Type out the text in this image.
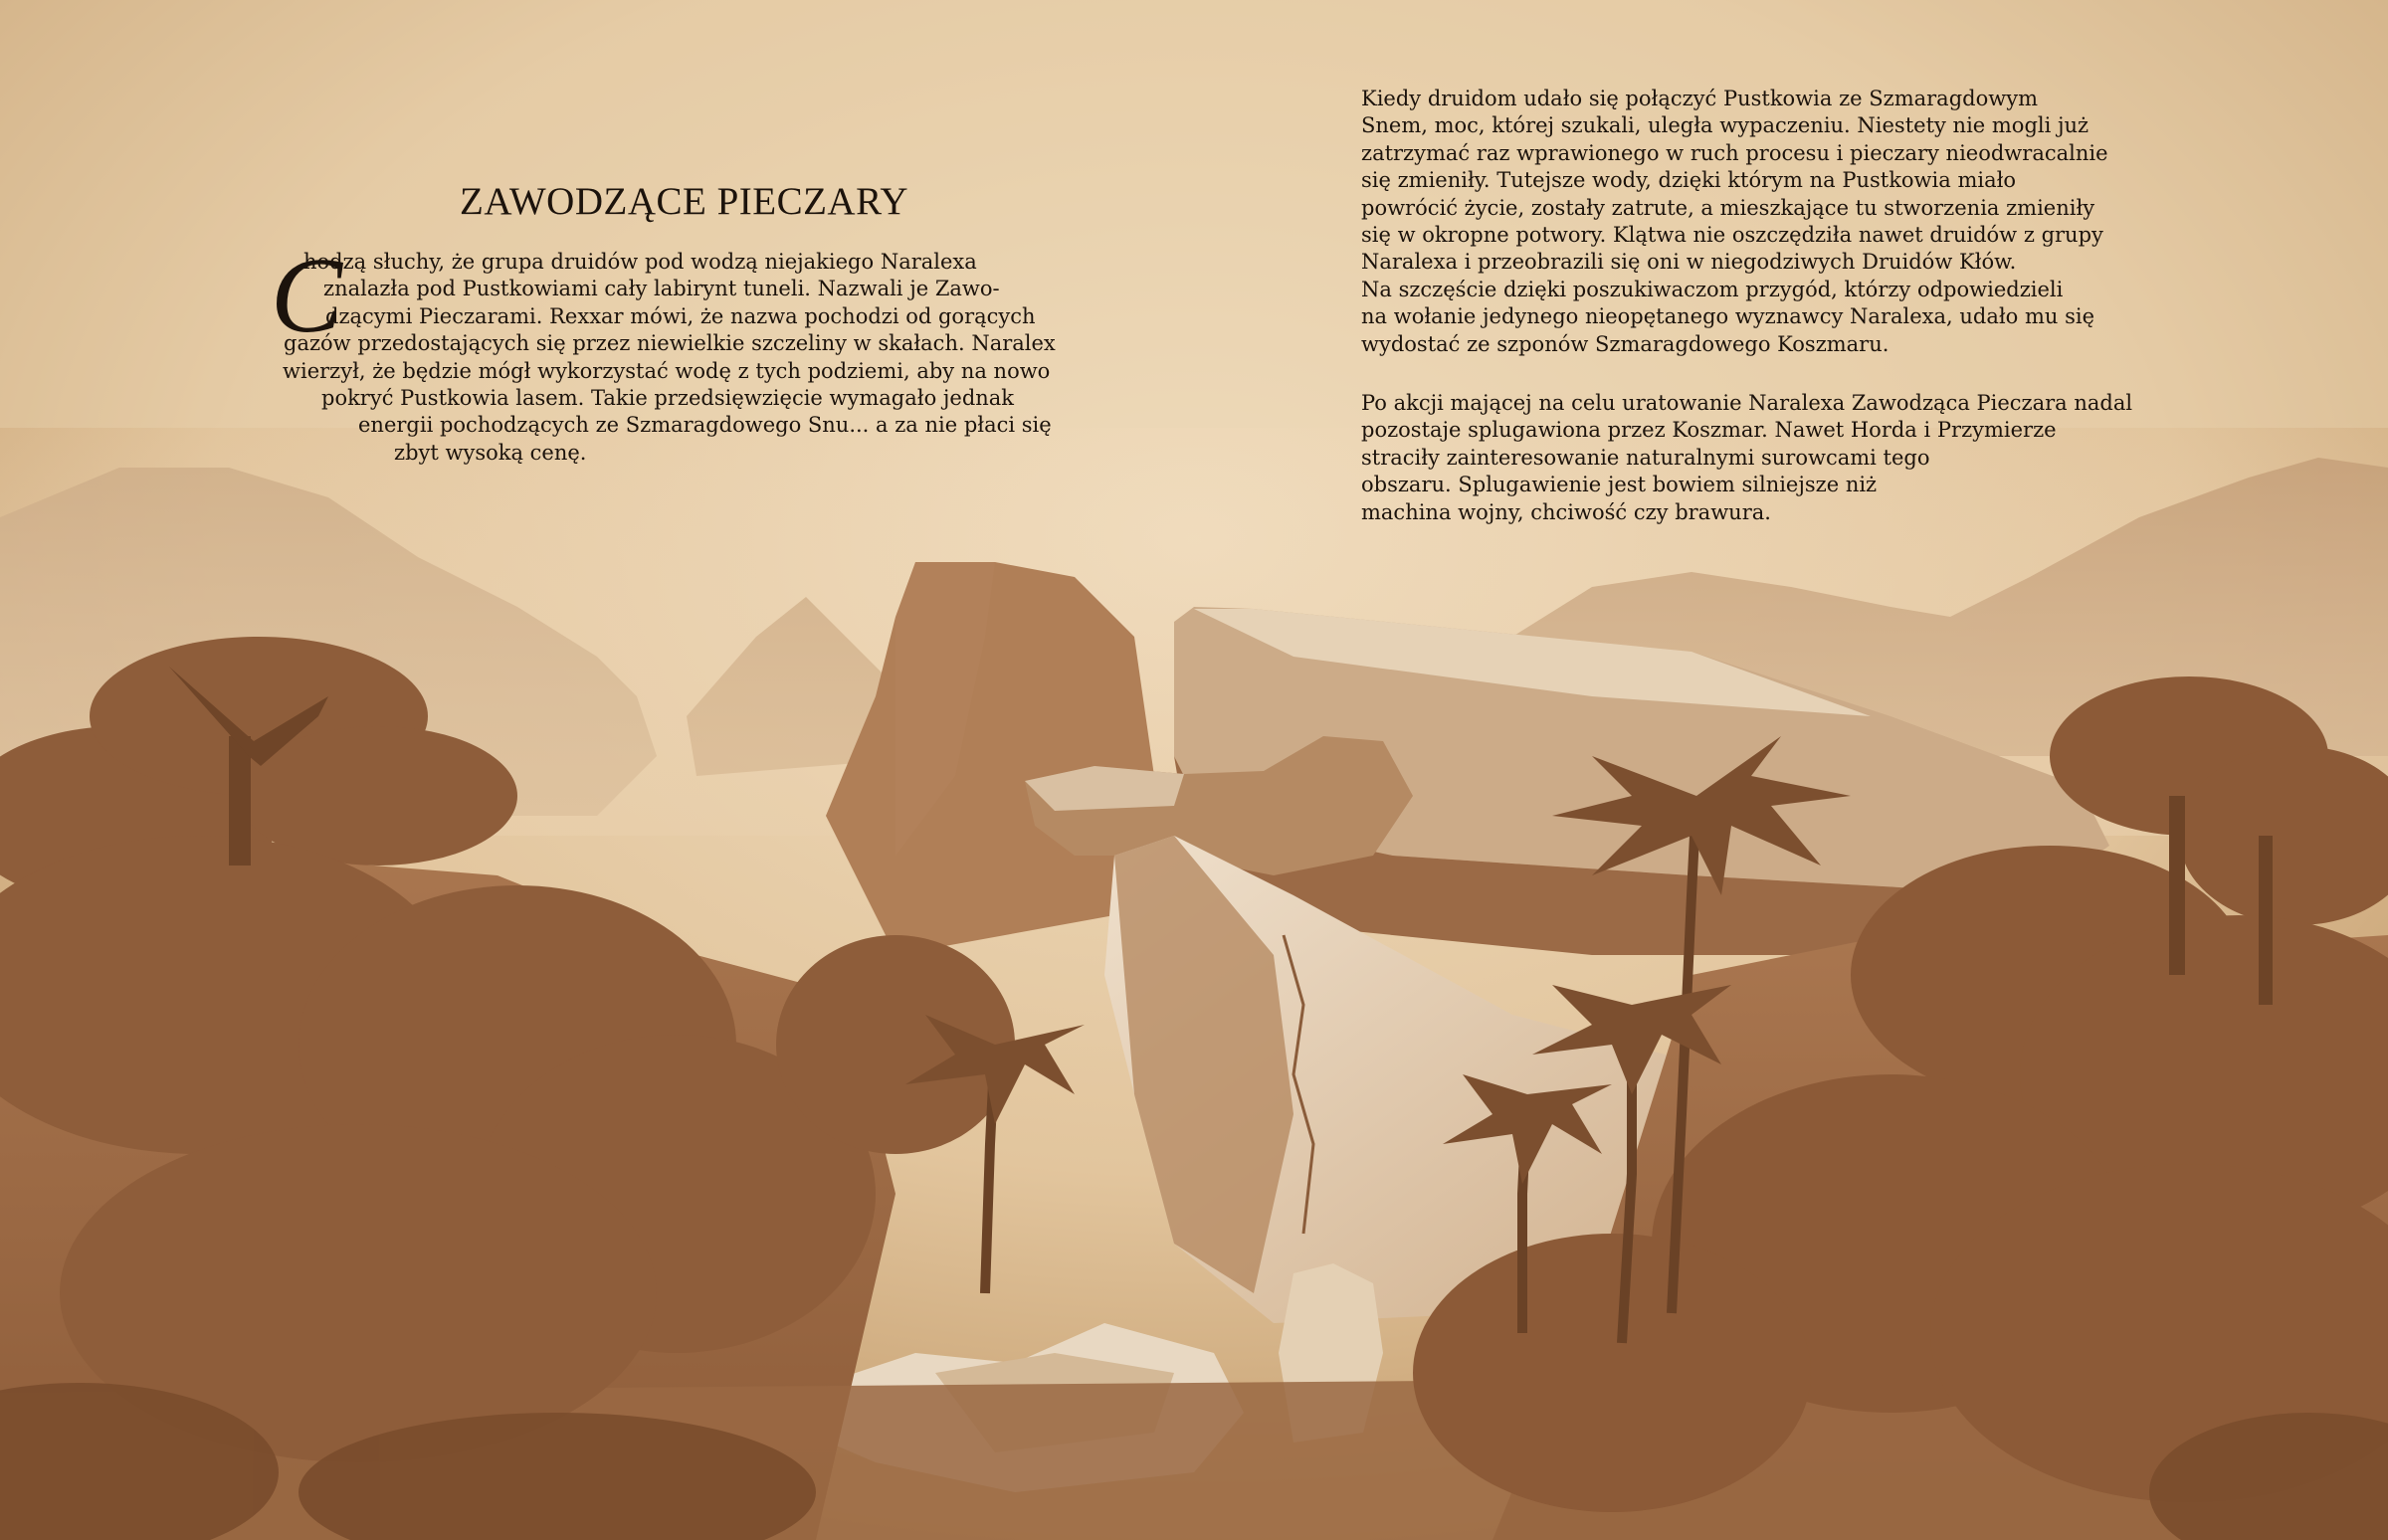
ZAWODZĄCE PIECZARY
C
hodzą słuchy, że grupa druidów pod wodzą niejakiego Naralexa
znalazła pod Pustkowiami cały labirynt tuneli. Nazwali je Zawo-
dzącymi Pieczarami. Rexxar mówi, że nazwa pochodzi od gorących
gazów przedostających się przez niewielkie szczeliny w skałach. Naralex
wierzył, że będzie mógł wykorzystać wodę z tych podziemi, aby na nowo
pokryć Pustkowia lasem. Takie przedsięwzięcie wymagało jednak
energii pochodzących ze Szmaragdowego Snu... a za nie płaci się
zbyt wysoką cenę.
Kiedy druidom udało się połączyć Pustkowia ze Szmaragdowym
Snem, moc, której szukali, uległa wypaczeniu. Niestety nie mogli już
zatrzymać raz wprawionego w ruch procesu i pieczary nieodwracalnie
się zmieniły. Tutejsze wody, dzięki którym na Pustkowia miało
powrócić życie, zostały zatrute, a mieszkające tu stworzenia zmieniły
się w okropne potwory. Klątwa nie oszczędziła nawet druidów z grupy
Naralexa i przeobrazili się oni w niegodziwych Druidów Kłów.
Na szczęście dzięki poszukiwaczom przygód, którzy odpowiedzieli
na wołanie jedynego nieopętanego wyznawcy Naralexa, udało mu się
wydostać ze szponów Szmaragdowego Koszmaru.
Po akcji mającej na celu uratowanie Naralexa Zawodząca Pieczara nadal
pozostaje splugawiona przez Koszmar. Nawet Horda i Przymierze
straciły zainteresowanie naturalnymi surowcami tego
obszaru. Splugawienie jest bowiem silniejsze niż
machina wojny, chciwość czy brawura.
